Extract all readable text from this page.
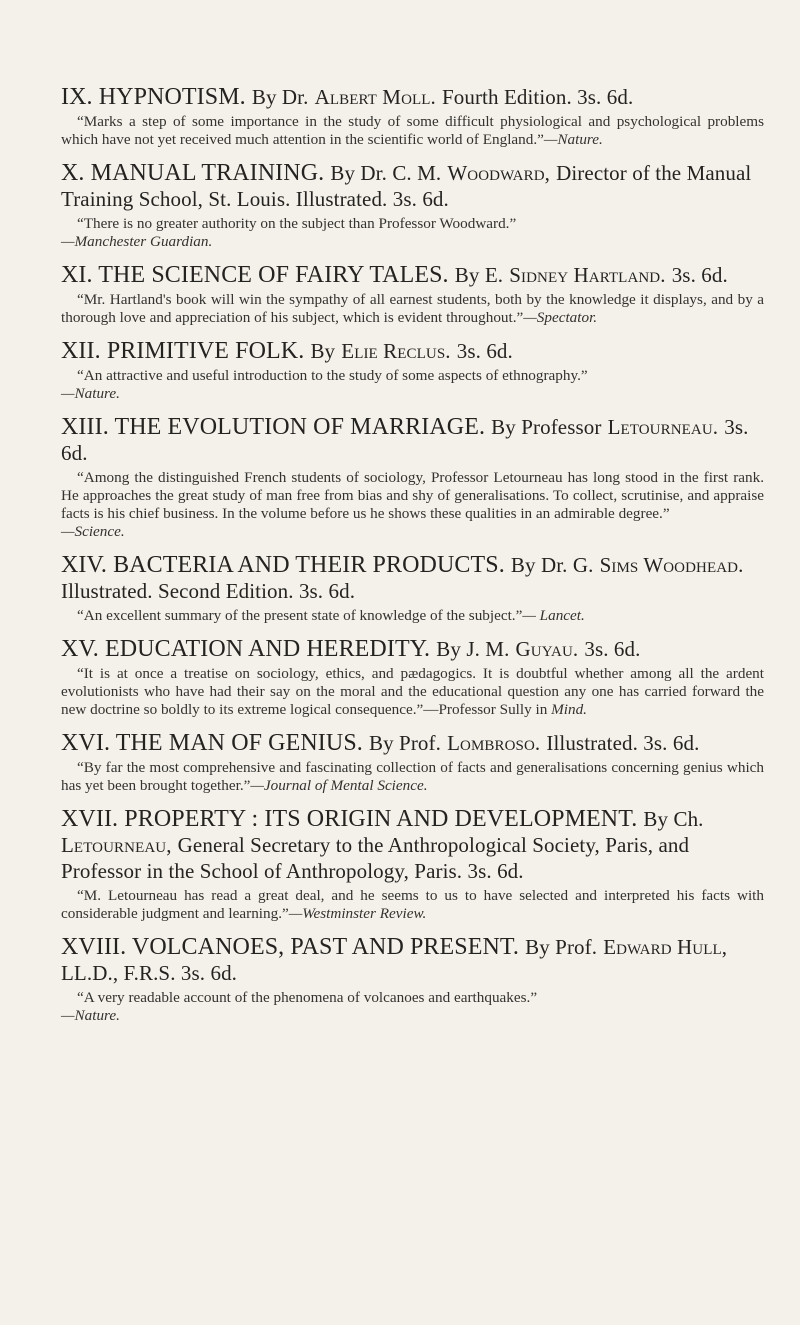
IX. HYPNOTISM. By Dr. Albert Moll. Fourth Edition. 3s. 6d.
“Marks a step of some importance in the study of some difficult physiological and psychological problems which have not yet received much attention in the scientific world of England.”—Nature.
X. MANUAL TRAINING. By Dr. C. M. Woodward, Director of the Manual Training School, St. Louis. Illustrated. 3s. 6d.
“There is no greater authority on the subject than Professor Woodward.”
—Manchester Guardian.
XI. THE SCIENCE OF FAIRY TALES. By E. Sidney Hartland. 3s. 6d.
“Mr. Hartland's book will win the sympathy of all earnest students, both by the knowledge it displays, and by a thorough love and appreciation of his subject, which is evident throughout.”—Spectator.
XII. PRIMITIVE FOLK. By Elie Reclus. 3s. 6d.
“An attractive and useful introduction to the study of some aspects of ethnography.”
—Nature.
XIII. THE EVOLUTION OF MARRIAGE. By Professor Letourneau. 3s. 6d.
“Among the distinguished French students of sociology, Professor Letourneau has long stood in the first rank. He approaches the great study of man free from bias and shy of generalisations. To collect, scrutinise, and appraise facts is his chief business. In the volume before us he shows these qualities in an admirable degree.”
—Science.
XIV. BACTERIA AND THEIR PRODUCTS. By Dr. G. Sims Woodhead. Illustrated. Second Edition. 3s. 6d.
“An excellent summary of the present state of knowledge of the subject.”— Lancet.
XV. EDUCATION AND HEREDITY. By J. M. Guyau. 3s. 6d.
“It is at once a treatise on sociology, ethics, and pædagogics. It is doubtful whether among all the ardent evolutionists who have had their say on the moral and the educational question any one has carried forward the new doctrine so boldly to its extreme logical consequence.”—Professor Sully in Mind.
XVI. THE MAN OF GENIUS. By Prof. Lombroso. Illustrated. 3s. 6d.
“By far the most comprehensive and fascinating collection of facts and generalisations concerning genius which has yet been brought together.”—Journal of Mental Science.
XVII. PROPERTY : ITS ORIGIN AND DEVELOPMENT. By Ch. Letourneau, General Secretary to the Anthropological Society, Paris, and Professor in the School of Anthropology, Paris. 3s. 6d.
“M. Letourneau has read a great deal, and he seems to us to have selected and interpreted his facts with considerable judgment and learning.”—Westminster Review.
XVIII. VOLCANOES, PAST AND PRESENT. By Prof. Edward Hull, LL.D., F.R.S. 3s. 6d.
“A very readable account of the phenomena of volcanoes and earthquakes.”
—Nature.
